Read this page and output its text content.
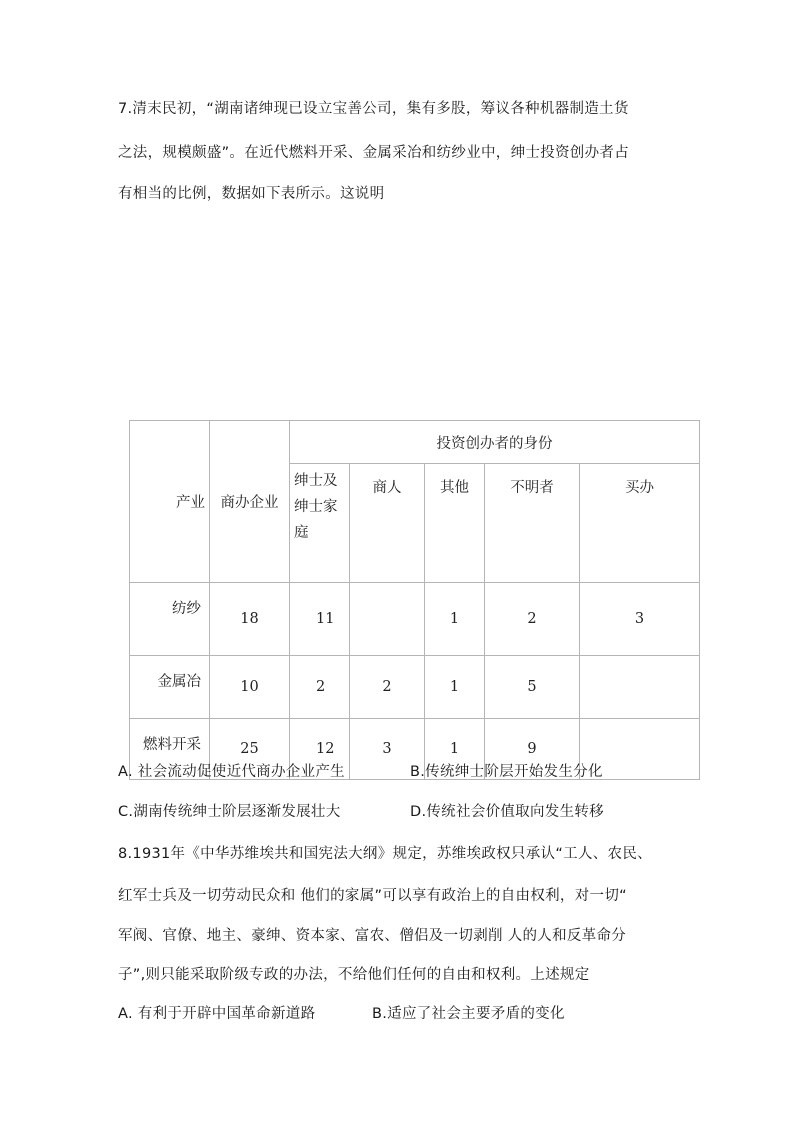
7.清末民初，“湖南诸绅现已设立宝善公司，集有多股，筹议各种机器制造土货
之法，规模颇盛”。在近代燃料开采、金属采冶和纺纱业中，绅士投资创办者占
有相当的比例，数据如下表所示。这说明
产业	商办企业	投资创办者的身份				
		绅士及
绅士家
庭	商人	其他	不明者	买办
纺纱	18	11		1	2	3
金属冶	10	2	2	1	5	
燃料开采	25	12	3	1	9	
A. 社会流动促使近代商办企业产生	B.传统绅士阶层开始发生分化
C.湖南传统绅士阶层逐渐发展壮大	D.传统社会价值取向发生转移
8.1931年《中华苏维埃共和国宪法大纲》规定，苏维埃政权只承认“工人、农民、
红军士兵及一切劳动民众和 他们的家属”可以享有政治上的自由权利，对一切“
军阀、官僚、地主、豪绅、资本家、富农、僧侣及一切剥削 人的人和反革命分
子”,则只能采取阶级专政的办法，不给他们任何的自由和权利。上述规定
A. 有利于开辟中国革命新道路	B.适应了社会主要矛盾的变化
